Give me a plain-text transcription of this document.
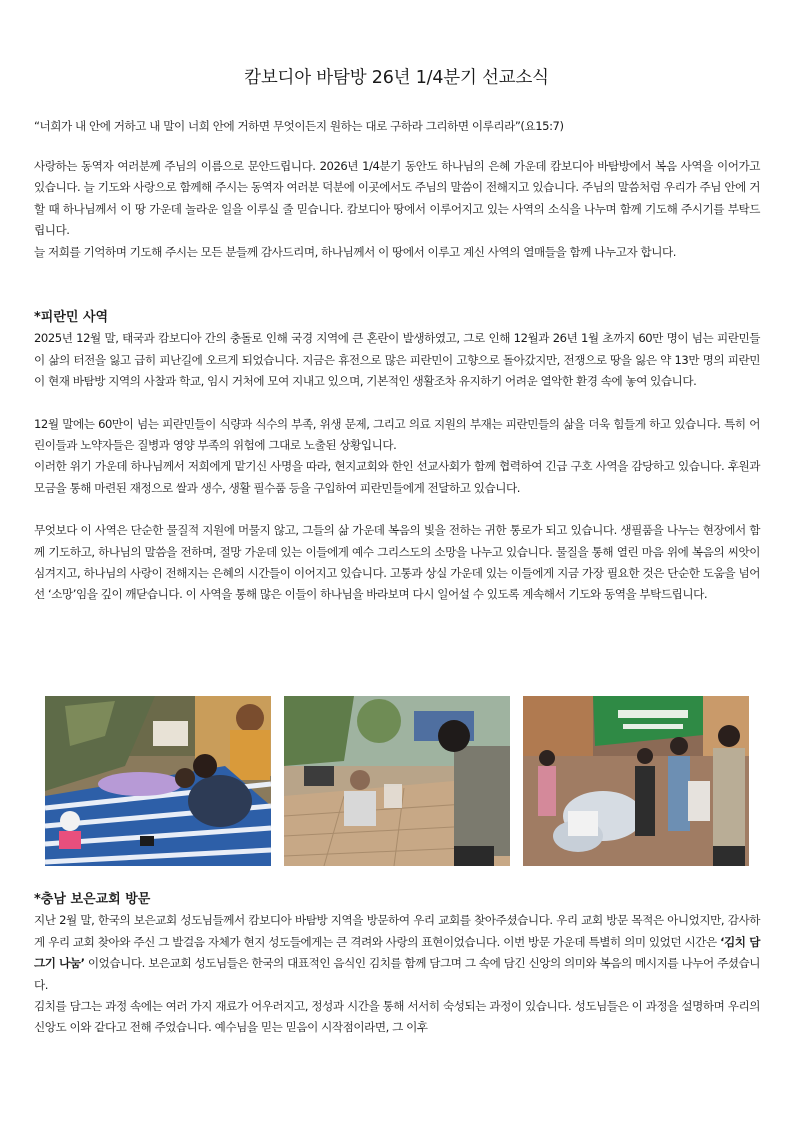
캄보디아 바탐방 26년 1/4분기 선교소식

“너희가 내 안에 거하고 내 말이 너희 안에 거하면 무엇이든지 원하는 대로 구하라 그리하면 이루리라”(요15:7)

사랑하는 동역자 여러분께 주님의 이름으로 문안드립니다. 2026년 1/4분기 동안도 하나님의 은혜 가운데 캄보디아 바탐방에서 복음 사역을 이어가고 있습니다. 늘 기도와 사랑으로 함께해 주시는 동역자 여러분 덕분에 이곳에서도 주님의 말씀이 전해지고 있습니다. 주님의 말씀처럼 우리가 주님 안에 거할 때 하나님께서 이 땅 가운데 놀라운 일을 이루실 줄 믿습니다. 캄보디아 땅에서 이루어지고 있는 사역의 소식을 나누며 함께 기도해 주시기를 부탁드립니다.

늘 저희를 기억하며 기도해 주시는 모든 분들께 감사드리며, 하나님께서 이 땅에서 이루고 계신 사역의 열매들을 함께 나누고자 합니다.

*피란민 사역

2025년 12월 말, 태국과 캄보디아 간의 충돌로 인해 국경 지역에 큰 혼란이 발생하였고, 그로 인해 12월과 26년 1월 초까지 60만 명이 넘는 피란민들이 삶의 터전을 잃고 급히 피난길에 오르게 되었습니다. 지금은 휴전으로 많은 피란민이 고향으로 돌아갔지만, 전쟁으로 땅을 잃은 약 13만 명의 피란민이 현재 바탐방 지역의 사찰과 학교, 임시 거처에 모여 지내고 있으며, 기본적인 생활조차 유지하기 어려운 열악한 환경 속에 놓여 있습니다.

12월 말에는 60만이 넘는 피란민들이 식량과 식수의 부족, 위생 문제, 그리고 의료 지원의 부재는 피란민들의 삶을 더욱 힘들게 하고 있습니다. 특히 어린이들과 노약자들은 질병과 영양 부족의 위험에 그대로 노출된 상황입니다.

이러한 위기 가운데 하나님께서 저희에게 맡기신 사명을 따라, 현지교회와 한인 선교사회가 함께 협력하여 긴급 구호 사역을 감당하고 있습니다. 후원과 모금을 통해 마련된 재정으로 쌀과 생수, 생활 필수품 등을 구입하여 피란민들에게 전달하고 있습니다.

무엇보다 이 사역은 단순한 물질적 지원에 머물지 않고, 그들의 삶 가운데 복음의 빛을 전하는 귀한 통로가 되고 있습니다. 생필품을 나누는 현장에서 함께 기도하고, 하나님의 말씀을 전하며, 절망 가운데 있는 이들에게 예수 그리스도의 소망을 나누고 있습니다. 물질을 통해 열린 마음 위에 복음의 씨앗이 심겨지고, 하나님의 사랑이 전해지는 은혜의 시간들이 이어지고 있습니다. 고통과 상실 가운데 있는 이들에게 지금 가장 필요한 것은 단순한 도움을 넘어선 ‘소망’임을 깊이 깨닫습니다. 이 사역을 통해 많은 이들이 하나님을 바라보며 다시 일어설 수 있도록 계속해서 기도와 동역을 부탁드립니다.

*충남 보은교회 방문

지난 2월 말, 한국의 보은교회 성도님들께서 캄보디아 바탐방 지역을 방문하여 우리 교회를 찾아주셨습니다. 우리 교회 방문 목적은 아니었지만, 감사하게 우리 교회 찾아와 주신 그 발걸음 자체가 현지 성도들에게는 큰 격려와 사랑의 표현이었습니다. 이번 방문 가운데 특별히 의미 있었던 시간은 ‘김치 담그기 나눔’ 이었습니다. 보은교회 성도님들은 한국의 대표적인 음식인 김치를 함께 담그며 그 속에 담긴 신앙의 의미와 복음의 메시지를 나누어 주셨습니다.

김치를 담그는 과정 속에는 여러 가지 재료가 어우러지고, 정성과 시간을 통해 서서히 숙성되는 과정이 있습니다. 성도님들은 이 과정을 설명하며 우리의 신앙도 이와 같다고 전해 주었습니다. 예수님을 믿는 믿음이 시작점이라면, 그 이후
